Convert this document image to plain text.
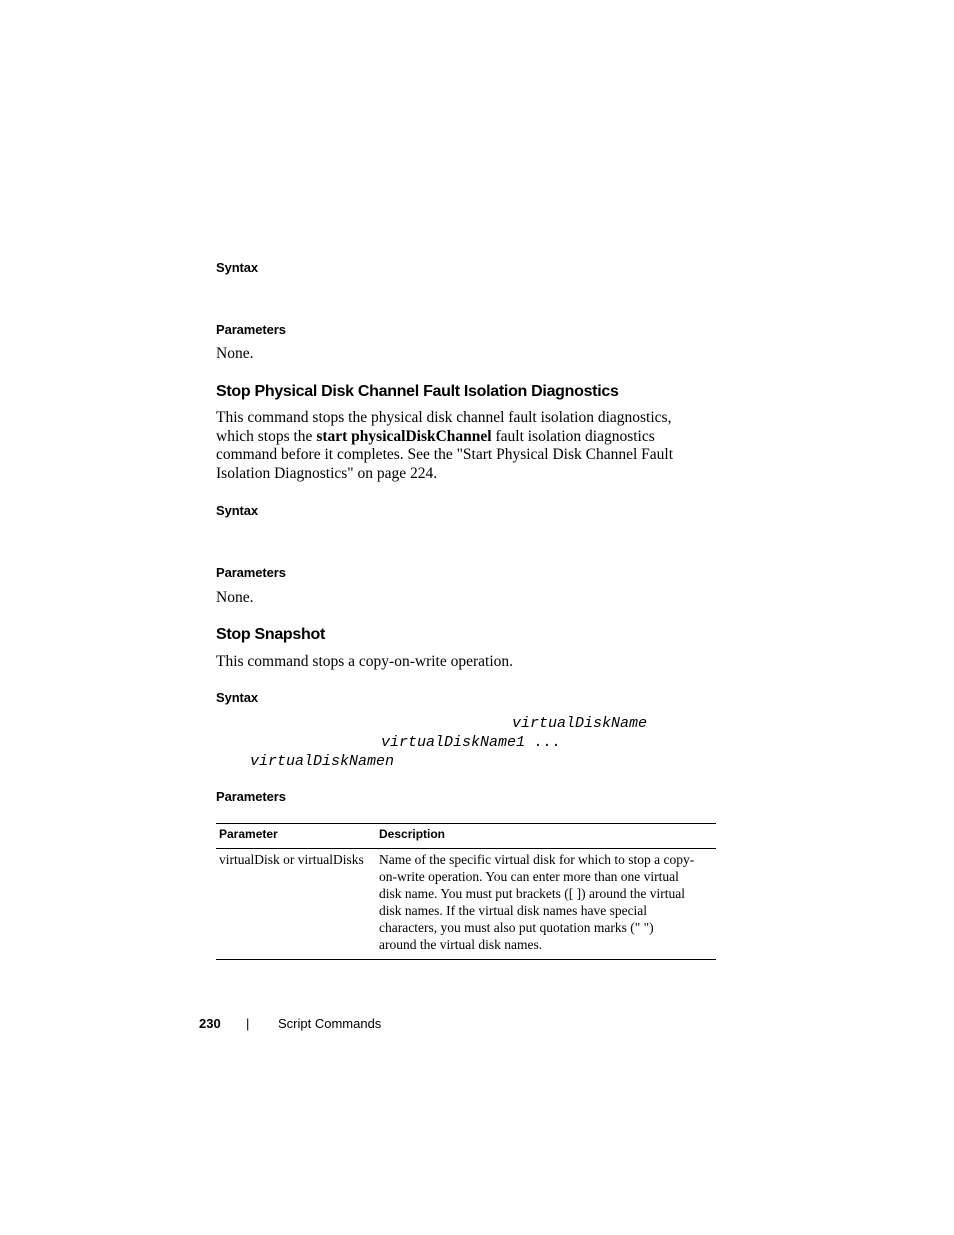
Syntax
Parameters
None.
Stop Physical Disk Channel Fault Isolation Diagnostics
This command stops the physical disk channel fault isolation diagnostics,
which stops the start physicalDiskChannel fault isolation diagnostics
command before it completes. See the "Start Physical Disk Channel Fault
Isolation Diagnostics" on page 224.
Syntax
Parameters
None.
Stop Snapshot
This command stops a copy-on-write operation.
Syntax
virtualDiskName
virtualDiskName1 ...
virtualDiskNamen
Parameters
Parameter	Description
virtualDisk or virtualDisks Name of the specific virtual disk for which to stop a copy-
on-write operation. You can enter more than one virtual
disk name. You must put brackets ([ ]) around the virtual
disk names. If the virtual disk names have special
characters, you must also put quotation marks (" ")
around the virtual disk names.
230 | Script Commands
